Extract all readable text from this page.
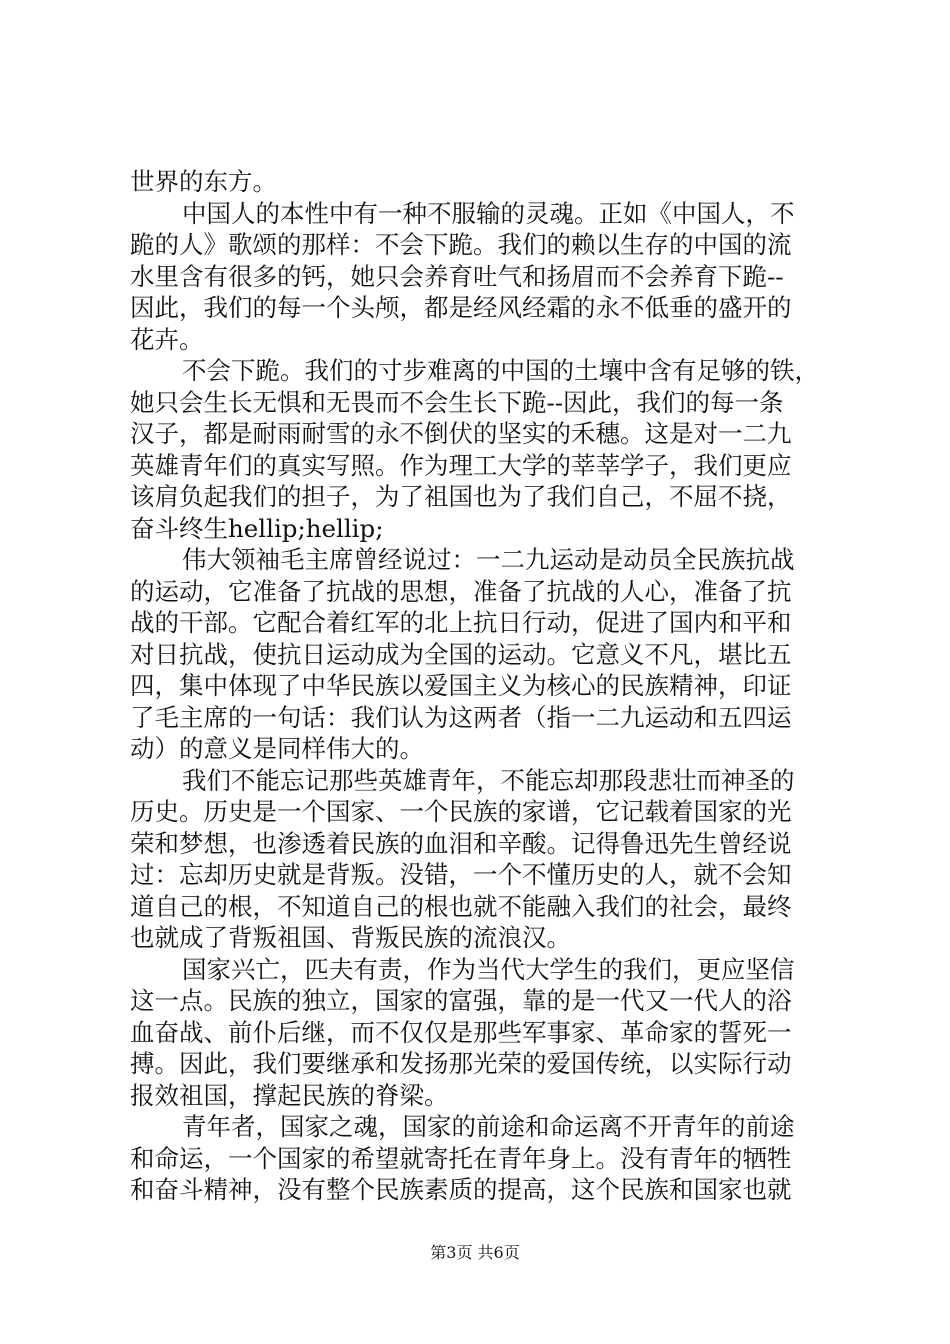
世界的东方。
中国人的本性中有一种不服输的灵魂。正如《中国人，不
跪的人》歌颂的那样：不会下跪。我们的赖以生存的中国的流
水里含有很多的钙，她只会养育吐气和扬眉而不会养育下跪--
因此，我们的每一个头颅，都是经风经霜的永不低垂的盛开的
花卉。
不会下跪。我们的寸步难离的中国的土壤中含有足够的铁，
她只会生长无惧和无畏而不会生长下跪--因此，我们的每一条
汉子，都是耐雨耐雪的永不倒伏的坚实的禾穗。这是对一二九
英雄青年们的真实写照。作为理工大学的莘莘学子，我们更应
该肩负起我们的担子，为了祖国也为了我们自己，不屈不挠，
奋斗终生hellip;hellip;
伟大领袖毛主席曾经说过：一二九运动是动员全民族抗战
的运动，它准备了抗战的思想，准备了抗战的人心，准备了抗
战的干部。它配合着红军的北上抗日行动，促进了国内和平和
对日抗战，使抗日运动成为全国的运动。它意义不凡，堪比五
四，集中体现了中华民族以爱国主义为核心的民族精神，印证
了毛主席的一句话：我们认为这两者（指一二九运动和五四运
动）的意义是同样伟大的。
我们不能忘记那些英雄青年，不能忘却那段悲壮而神圣的
历史。历史是一个国家、一个民族的家谱，它记载着国家的光
荣和梦想，也渗透着民族的血泪和辛酸。记得鲁迅先生曾经说
过：忘却历史就是背叛。没错，一个不懂历史的人，就不会知
道自己的根，不知道自己的根也就不能融入我们的社会，最终
也就成了背叛祖国、背叛民族的流浪汉。
国家兴亡，匹夫有责，作为当代大学生的我们，更应坚信
这一点。民族的独立，国家的富强，靠的是一代又一代人的浴
血奋战、前仆后继，而不仅仅是那些军事家、革命家的誓死一
搏。因此，我们要继承和发扬那光荣的爱国传统，以实际行动
报效祖国，撑起民族的脊梁。
青年者，国家之魂，国家的前途和命运离不开青年的前途
和命运，一个国家的希望就寄托在青年身上。没有青年的牺牲
和奋斗精神，没有整个民族素质的提高，这个民族和国家也就
第3页 共6页
